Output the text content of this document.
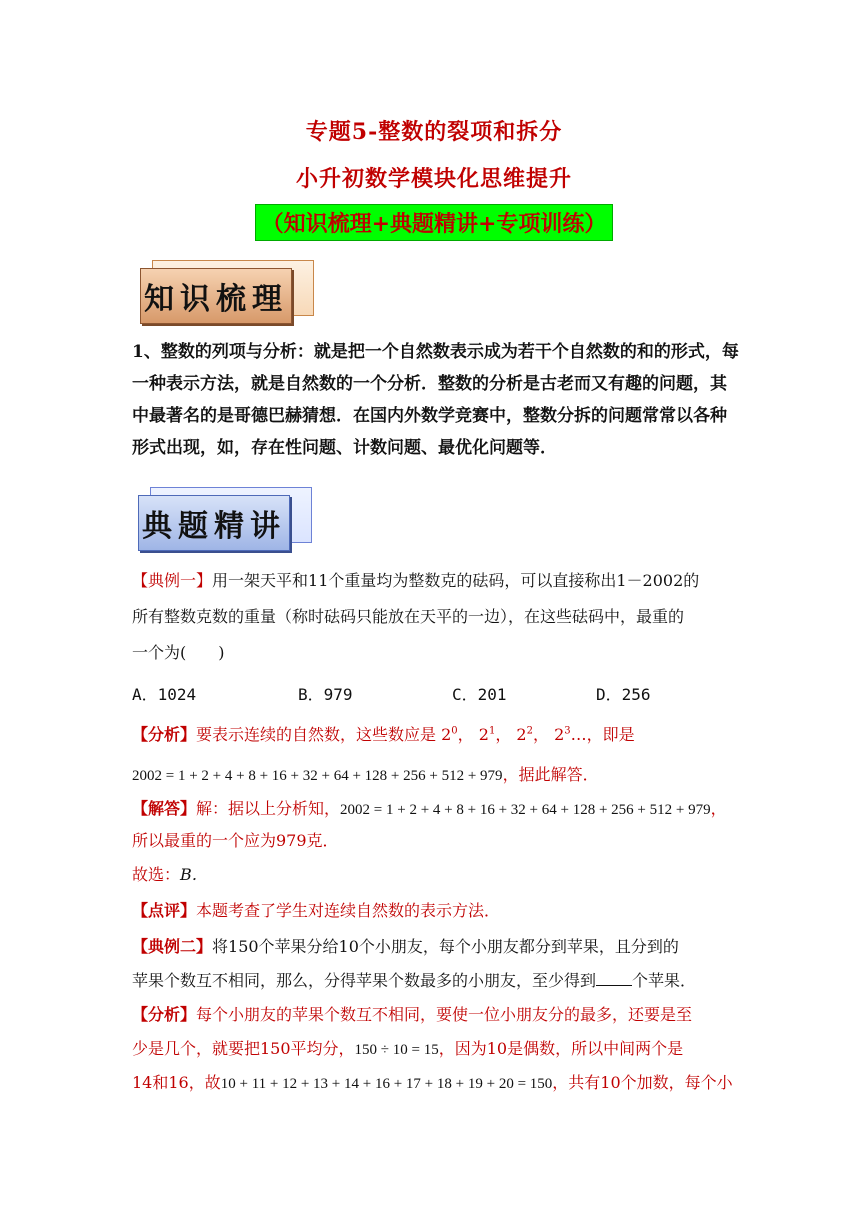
专题5-整数的裂项和拆分
小升初数学模块化思维提升
（知识梳理+典题精讲+专项训练）
知识梳理
1、整数的列项与分析：就是把一个自然数表示成为若干个自然数的和的形式，每一种表示方法，就是自然数的一个分析．整数的分析是古老而又有趣的问题，其中最著名的是哥德巴赫猜想．在国内外数学竞赛中，整数分拆的问题常常以各种形式出现，如，存在性问题、计数问题、最优化问题等．
典题精讲
【典例一】用一架天平和11个重量均为整数克的砝码，可以直接称出1－2002的
所有整数克数的重量（称时砝码只能放在天平的一边），在这些砝码中，最重的
一个为(　　)
A．1024	B．979	C．201	D．256
【分析】要表示连续的自然数，这些数应是 $2^0$， $2^1$， $2^2$， $2^3\dots$，即是
2002 = 1 + 2 + 4 + 8 + 16 + 32 + 64 + 128 + 256 + 512 + 979，据此解答．
【解答】解：据以上分析知，2002 = 1 + 2 + 4 + 8 + 16 + 32 + 64 + 128 + 256 + 512 + 979，
所以最重的一个应为979克．
故选：B．
【点评】本题考查了学生对连续自然数的表示方法．
【典例二】将150个苹果分给10个小朋友，每个小朋友都分到苹果，且分到的
苹果个数互不相同，那么，分得苹果个数最多的小朋友，至少得到 个苹果．
【分析】每个小朋友的苹果个数互不相同，要使一位小朋友分的最多，还要是至
少是几个，就要把150平均分，150 ÷ 10 = 15，因为10是偶数，所以中间两个是
14和16，故10 + 11 + 12 + 13 + 14 + 16 + 17 + 18 + 19 + 20 = 150，共有10个加数，每个小
